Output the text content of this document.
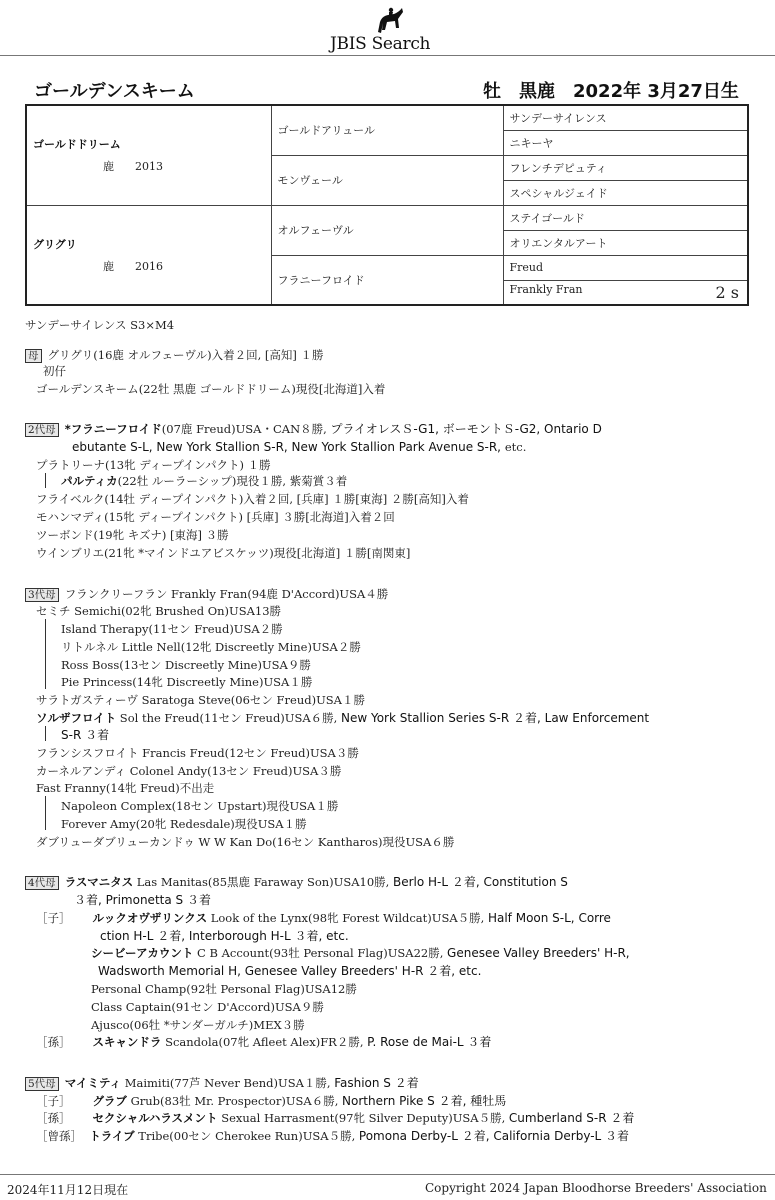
JBIS Search
ゴールデンスキーム	牡　黒鹿　2022年 3月27日生
ゴールドドリーム
鹿 2013	ゴールドアリュール	サンデーサイレンス
		ニキーヤ
	モンヴェール	フレンチデピュティ
		スペシャルジェイド

グリグリ
鹿 2016	オルフェーヴル	ステイゴールド
		オリエンタルアート
	フラニーフロイド	Freud
		Frankly Fran 2 s
サンデーサイレンス S3×M4
母 グリグリ(16鹿 オルフェーヴル)入着２回, [高知] １勝
初仔
ゴールデンスキーム(22牡 黒鹿 ゴールドドリーム)現役[北海道]入着
2代母 *フラニーフロイド(07鹿 Freud)USA・CAN８勝, プライオレスＳ-G1, ボーモントＳ-G2, Ontario D
ebutante S-L, New York Stallion S-R, New York Stallion Park Avenue S-R, etc.
プラトリーナ(13牝 ディープインパクト) １勝
パルティカ(22牡 ルーラーシップ)現役１勝, 紫菊賞３着
フライベルク(14牡 ディープインパクト)入着２回, [兵庫] １勝[東海] ２勝[高知]入着
モハンマディ(15牝 ディープインパクト) [兵庫] ３勝[北海道]入着２回
ツーボンド(19牝 キズナ) [東海] ３勝
ウインブリエ(21牝 *マインドユアビスケッツ)現役[北海道] １勝[南関東]
3代母 フランクリーフラン Frankly Fran(94鹿 D'Accord)USA４勝
セミチ Semichi(02牝 Brushed On)USA13勝
Island Therapy(11セン Freud)USA２勝
リトルネル Little Nell(12牝 Discreetly Mine)USA２勝
Ross Boss(13セン Discreetly Mine)USA９勝
Pie Princess(14牝 Discreetly Mine)USA１勝
サラトガスティーヴ Saratoga Steve(06セン Freud)USA１勝
ソルザフロイト Sol the Freud(11セン Freud)USA６勝, New York Stallion Series S-R ２着, Law Enforcement
S-R ３着
フランシスフロイト Francis Freud(12セン Freud)USA３勝
カーネルアンディ Colonel Andy(13セン Freud)USA３勝
Fast Franny(14牝 Freud)不出走
Napoleon Complex(18セン Upstart)現役USA１勝
Forever Amy(20牝 Redesdale)現役USA１勝
ダブリューダブリューカンドゥ W W Kan Do(16セン Kantharos)現役USA６勝
4代母 ラスマニタス Las Manitas(85黒鹿 Faraway Son)USA10勝, Berlo H-L ２着, Constitution S
３着, Primonetta S ３着
［子］ ルックオヴザリンクス Look of the Lynx(98牝 Forest Wildcat)USA５勝, Half Moon S-L, Corre
ction H-L ２着, Interborough H-L ３着, etc.
シービーアカウント C B Account(93牡 Personal Flag)USA22勝, Genesee Valley Breeders' H-R,
Wadsworth Memorial H, Genesee Valley Breeders' H-R ２着, etc.
Personal Champ(92牡 Personal Flag)USA12勝
Class Captain(91セン D'Accord)USA９勝
Ajusco(06牡 *サンダーガルチ)MEX３勝
［孫］ スキャンドラ Scandola(07牝 Afleet Alex)FR２勝, P. Rose de Mai-L ３着
5代母 マイミティ Maimiti(77芦 Never Bend)USA１勝, Fashion S ２着
［子］ グラブ Grub(83牡 Mr. Prospector)USA６勝, Northern Pike S ２着, 種牡馬
［孫］ セクシャルハラスメント Sexual Harrasment(97牝 Silver Deputy)USA５勝, Cumberland S-R ２着
［曾孫］ トライブ Tribe(00セン Cherokee Run)USA５勝, Pomona Derby-L ２着, California Derby-L ３着
2024年11月12日現在	Copyright 2024 Japan Bloodhorse Breeders' Association
